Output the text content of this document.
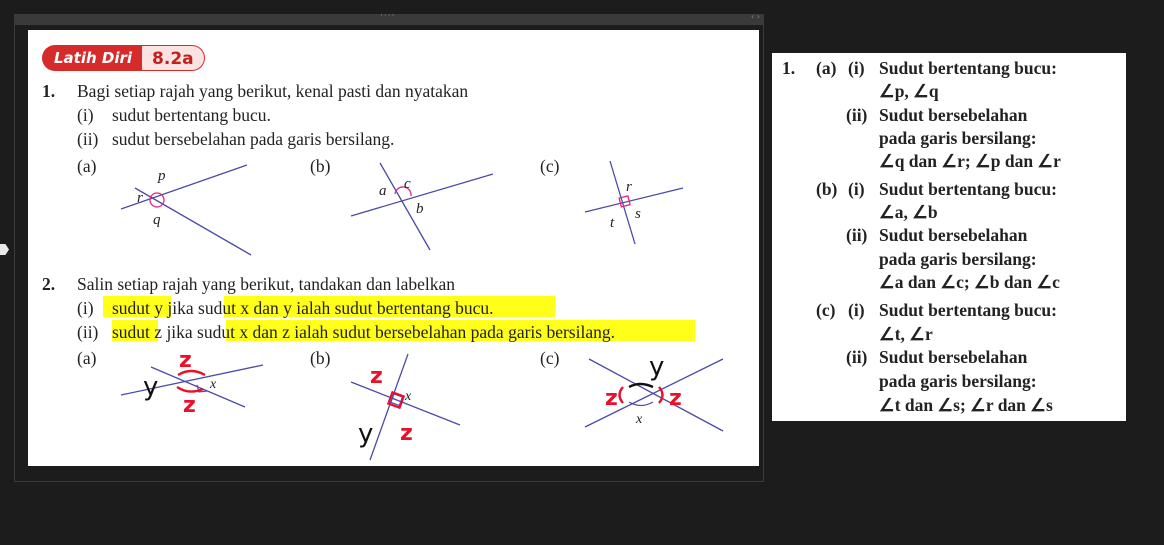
····	‹ ›
Latih Diri	8.2a
1. Bagi setiap rajah yang berikut, kenal pasti dan nyatakan
(i) sudut bertentang bucu.
(ii) sudut bersebelahan pada garis bersilang.
(a)	(b)	(c)
p
r
q
a c
b
r
t
s
2. Salin setiap rajah yang berikut, tandakan dan labelkan
(i) sudut y jika sudut x dan y ialah sudut bertentang bucu.
(ii) sudut z jika sudut x dan z ialah sudut bersebelahan pada garis bersilang.
(a)	(b)	(c)
x
y
z
z	x
z
y z
x
y
z z
1. (a) (i) Sudut bertentang bucu:
∠p, ∠q
(ii) Sudut bersebelahan
pada garis bersilang:
∠q dan ∠r; ∠p dan ∠r
(b) (i) Sudut bertentang bucu:
∠a, ∠b
(ii) Sudut bersebelahan
pada garis bersilang:
∠a dan ∠c; ∠b dan ∠c
(c) (i) Sudut bertentang bucu:
∠t, ∠r
(ii) Sudut bersebelahan
pada garis bersilang:
∠t dan ∠s; ∠r dan ∠s
